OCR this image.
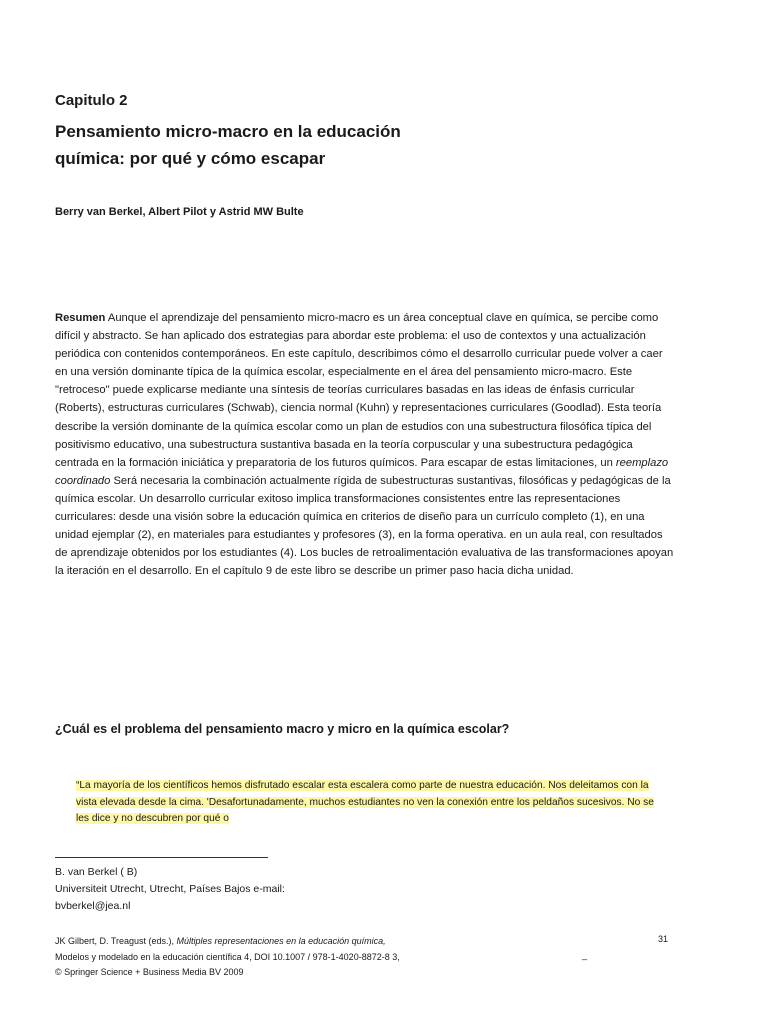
Capitulo 2
Pensamiento micro-macro en la educación
química: por qué y cómo escapar
Berry van Berkel, Albert Pilot y Astrid MW Bulte
Resumen Aunque el aprendizaje del pensamiento micro-macro es un área conceptual clave en química, se percibe como difícil y abstracto. Se han aplicado dos estrategias para abordar este problema: el uso de contextos y una actualización periódica con contenidos contemporáneos. En este capítulo, describimos cómo el desarrollo curricular puede volver a caer en una versión dominante típica de la química escolar, especialmente en el área del pensamiento micro-macro. Este "retroceso" puede explicarse mediante una síntesis de teorías curriculares basadas en las ideas de énfasis curricular (Roberts), estructuras curriculares (Schwab), ciencia normal (Kuhn) y representaciones curriculares (Goodlad). Esta teoría describe la versión dominante de la química escolar como un plan de estudios con una subestructura filosófica típica del positivismo educativo, una subestructura sustantiva basada en la teoría corpuscular y una subestructura pedagógica centrada en la formación iniciática y preparatoria de los futuros químicos. Para escapar de estas limitaciones, un reemplazo coordinado Será necesaria la combinación actualmente rígida de subestructuras sustantivas, filosóficas y pedagógicas de la química escolar. Un desarrollo curricular exitoso implica transformaciones consistentes entre las representaciones curriculares: desde una visión sobre la educación química en criterios de diseño para un currículo completo (1), en una unidad ejemplar (2), en materiales para estudiantes y profesores (3), en la forma operativa. en un aula real, con resultados de aprendizaje obtenidos por los estudiantes (4). Los bucles de retroalimentación evaluativa de las transformaciones apoyan la iteración en el desarrollo. En el capítulo 9 de este libro se describe un primer paso hacia dicha unidad.
¿Cuál es el problema del pensamiento macro y micro en la química escolar?
“La mayoría de los científicos hemos disfrutado escalar esta escalera como parte de nuestra educación. Nos deleitamos con la vista elevada desde la cima. 'Desafortunadamente, muchos estudiantes no ven la conexión entre los peldaños sucesivos. No se les dice y no descubren por qué o
B. van Berkel ( B)
Universiteit Utrecht, Utrecht, Países Bajos e-mail:
bvberkel@jea.nl
JK Gilbert, D. Treagust (eds.), Múltiples representaciones en la educación química,
Modelos y modelado en la educación científica 4, DOI 10.1007 / 978-1-4020-8872-8 3,
© Springer Science + Business Media BV 2009
31
_
